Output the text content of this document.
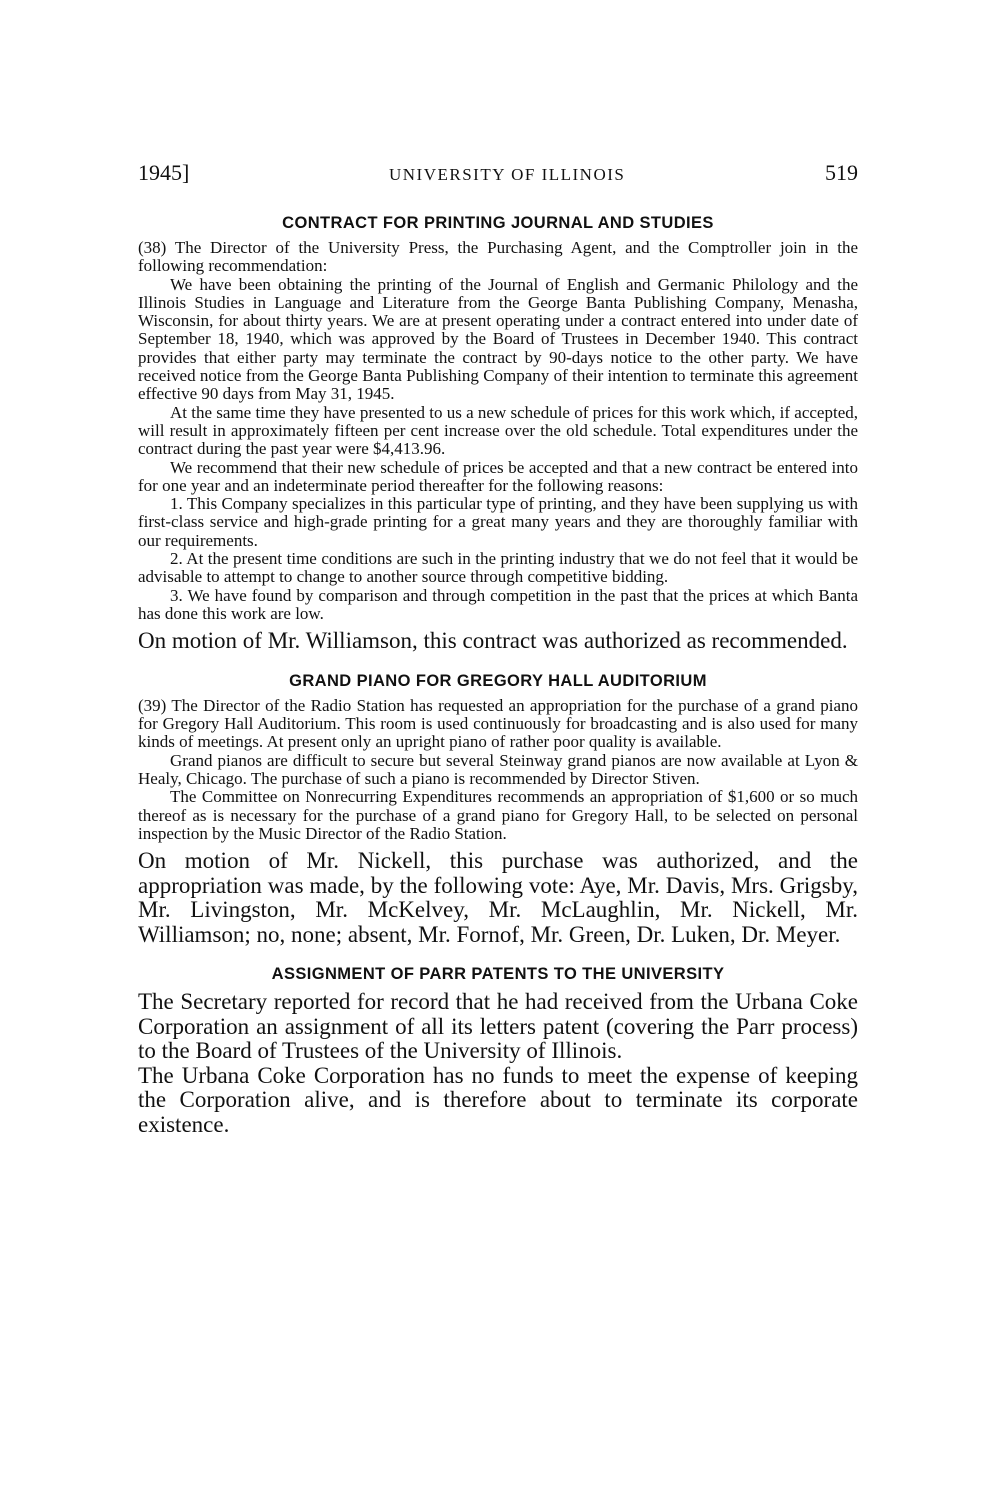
1945]	UNIVERSITY OF ILLINOIS	519
CONTRACT FOR PRINTING JOURNAL AND STUDIES

(38) The Director of the University Press, the Purchasing Agent, and the Comptroller join in the following recommendation:

We have been obtaining the printing of the Journal of English and Germanic Philology and the Illinois Studies in Language and Literature from the George Banta Publishing Company, Menasha, Wisconsin, for about thirty years. We are at present operating under a contract entered into under date of September 18, 1940, which was approved by the Board of Trustees in December 1940. This contract provides that either party may terminate the contract by 90-days notice to the other party. We have received notice from the George Banta Publishing Company of their intention to terminate this agreement effective 90 days from May 31, 1945.

At the same time they have presented to us a new schedule of prices for this work which, if accepted, will result in approximately fifteen per cent increase over the old schedule. Total expenditures under the contract during the past year were $4,413.96.

We recommend that their new schedule of prices be accepted and that a new contract be entered into for one year and an indeterminate period thereafter for the following reasons:

1. This Company specializes in this particular type of printing, and they have been supplying us with first-class service and high-grade printing for a great many years and they are thoroughly familiar with our requirements.

2. At the present time conditions are such in the printing industry that we do not feel that it would be advisable to attempt to change to another source through competitive bidding.

3. We have found by comparison and through competition in the past that the prices at which Banta has done this work are low.

On motion of Mr. Williamson, this contract was authorized as recommended.

GRAND PIANO FOR GREGORY HALL AUDITORIUM

(39) The Director of the Radio Station has requested an appropriation for the purchase of a grand piano for Gregory Hall Auditorium. This room is used continuously for broadcasting and is also used for many kinds of meetings. At present only an upright piano of rather poor quality is available.

Grand pianos are difficult to secure but several Steinway grand pianos are now available at Lyon & Healy, Chicago. The purchase of such a piano is recommended by Director Stiven.

The Committee on Nonrecurring Expenditures recommends an appropriation of $1,600 or so much thereof as is necessary for the purchase of a grand piano for Gregory Hall, to be selected on personal inspection by the Music Director of the Radio Station.

On motion of Mr. Nickell, this purchase was authorized, and the appropriation was made, by the following vote: Aye, Mr. Davis, Mrs. Grigsby, Mr. Livingston, Mr. McKelvey, Mr. McLaughlin, Mr. Nickell, Mr. Williamson; no, none; absent, Mr. Fornof, Mr. Green, Dr. Luken, Dr. Meyer.

ASSIGNMENT OF PARR PATENTS TO THE UNIVERSITY

The Secretary reported for record that he had received from the Urbana Coke Corporation an assignment of all its letters patent (covering the Parr process) to the Board of Trustees of the University of Illinois.

The Urbana Coke Corporation has no funds to meet the expense of keeping the Corporation alive, and is therefore about to terminate its corporate existence.
